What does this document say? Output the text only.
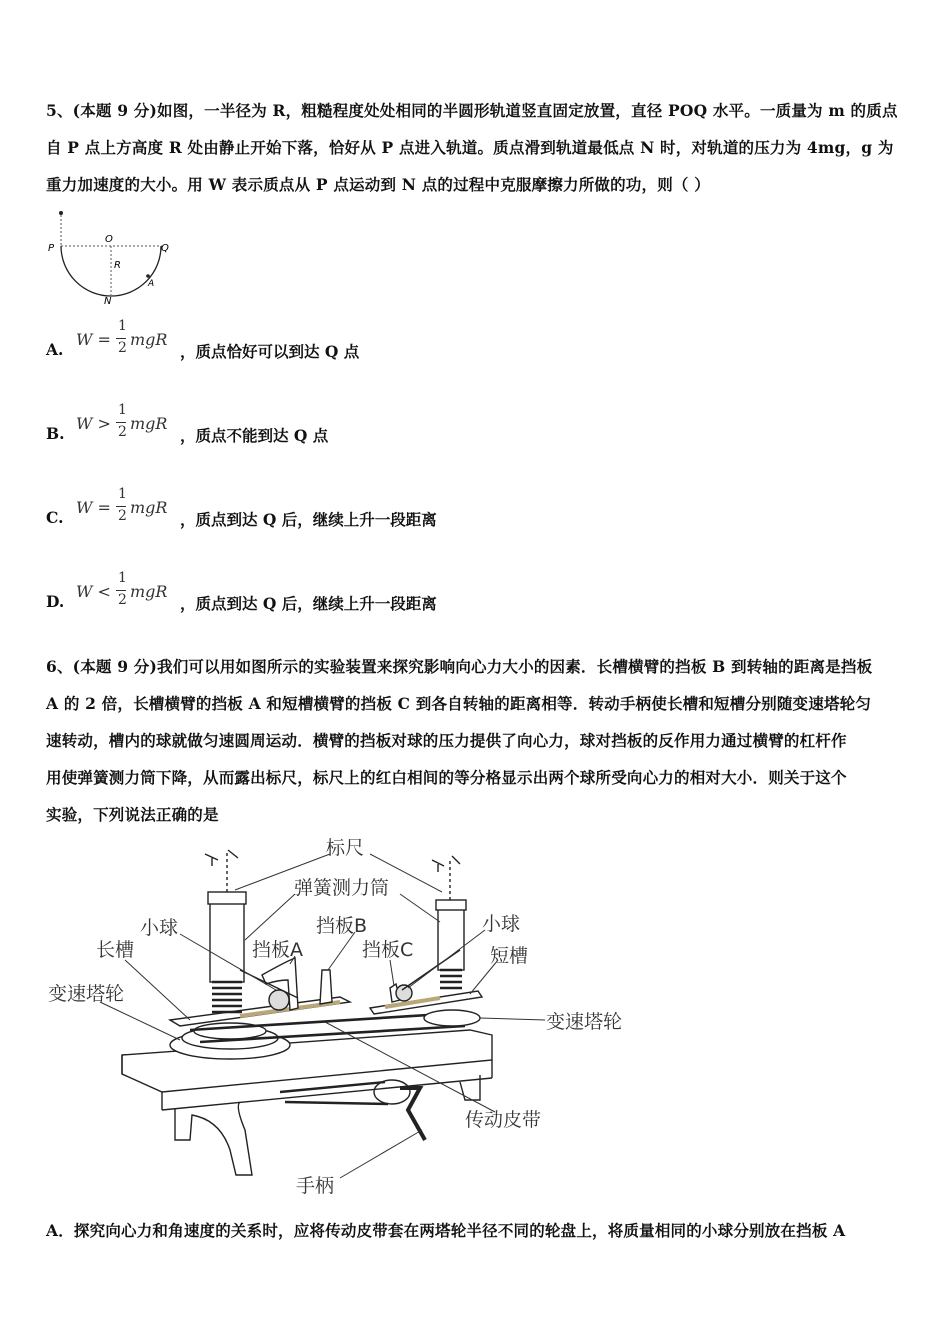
5、(本题 9 分)如图，一半径为 R，粗糙程度处处相同的半圆形轨道竖直固定放置，直径 POQ 水平。一质量为 m 的质点
自 P 点上方高度 R 处由静止开始下落，恰好从 P 点进入轨道。质点滑到轨道最低点 N 时，对轨道的压力为 4mg，g 为
重力加速度的大小。用 W 表示质点从 P 点运动到 N 点的过程中克服摩擦力所做的功，则（ ）
P
O
Q
R
N
A
A.
W =
1
2 mgR
，质点恰好可以到达 Q 点
B.
W >
1
2 mgR
，质点不能到达 Q 点
C.
W =
1
2 mgR
，质点到达 Q 后，继续上升一段距离
D.
W <
1
2 mgR
，质点到达 Q 后，继续上升一段距离
6、(本题 9 分)我们可以用如图所示的实验装置来探究影响向心力大小的因素．长槽横臂的挡板 B 到转轴的距离是挡板
A 的 2 倍，长槽横臂的挡板 A 和短槽横臂的挡板 C 到各自转轴的距离相等．转动手柄使长槽和短槽分别随变速塔轮匀
速转动，槽内的球就做匀速圆周运动．横臂的挡板对球的压力提供了向心力，球对挡板的反作用力通过横臂的杠杆作
用使弹簧测力筒下降，从而露出标尺，标尺上的红白相间的等分格显示出两个球所受向心力的相对大小．则关于这个
实验，下列说法正确的是
标尺
弹簧测力筒
小球	挡板B	小球
长槽	挡板A	挡板C	短槽
变速塔轮
变速塔轮
传动皮带
手柄
A．探究向心力和角速度的关系时，应将传动皮带套在两塔轮半径不同的轮盘上，将质量相同的小球分别放在挡板 A
